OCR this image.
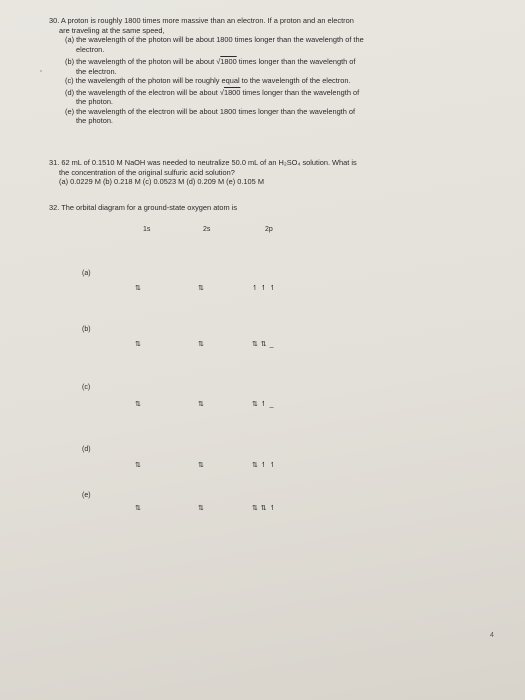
30. A proton is roughly 1800 times more massive than an electron. If a proton and an electron
are traveling at the same speed,
(a) the wavelength of the photon will be about 1800 times longer than the wavelength of the
electron.
(b) the wavelength of the photon will be about √1800 times longer than the wavelength of
the electron.
(c) the wavelength of the photon will be roughly equal to the wavelength of the electron.
(d) the wavelength of the electron will be about √1800 times longer than the wavelength of
the photon.
(e) the wavelength of the electron will be about 1800 times longer than the wavelength of
the photon.
31. 62 mL of 0.1510 M NaOH was needed to neutralize 50.0 mL of an H₂SO₄ solution. What is
the concentration of the original sulfuric acid solution?
(a) 0.0229 M (b) 0.218 M (c) 0.0523 M (d) 0.209 M (e) 0.105 M
32. The orbital diagram for a ground-state oxygen atom is
1s	2s	2p
(a)
⇅	⇅	↿ ↿ ↿
(b)
⇅	⇅	⇅ ⇅ _
(c)
⇅	⇅	⇅ ↿ _
(d)
⇅	⇅	⇅ ↿ ↿
(e)
⇅	⇅	⇅ ⇅ ↿
4
